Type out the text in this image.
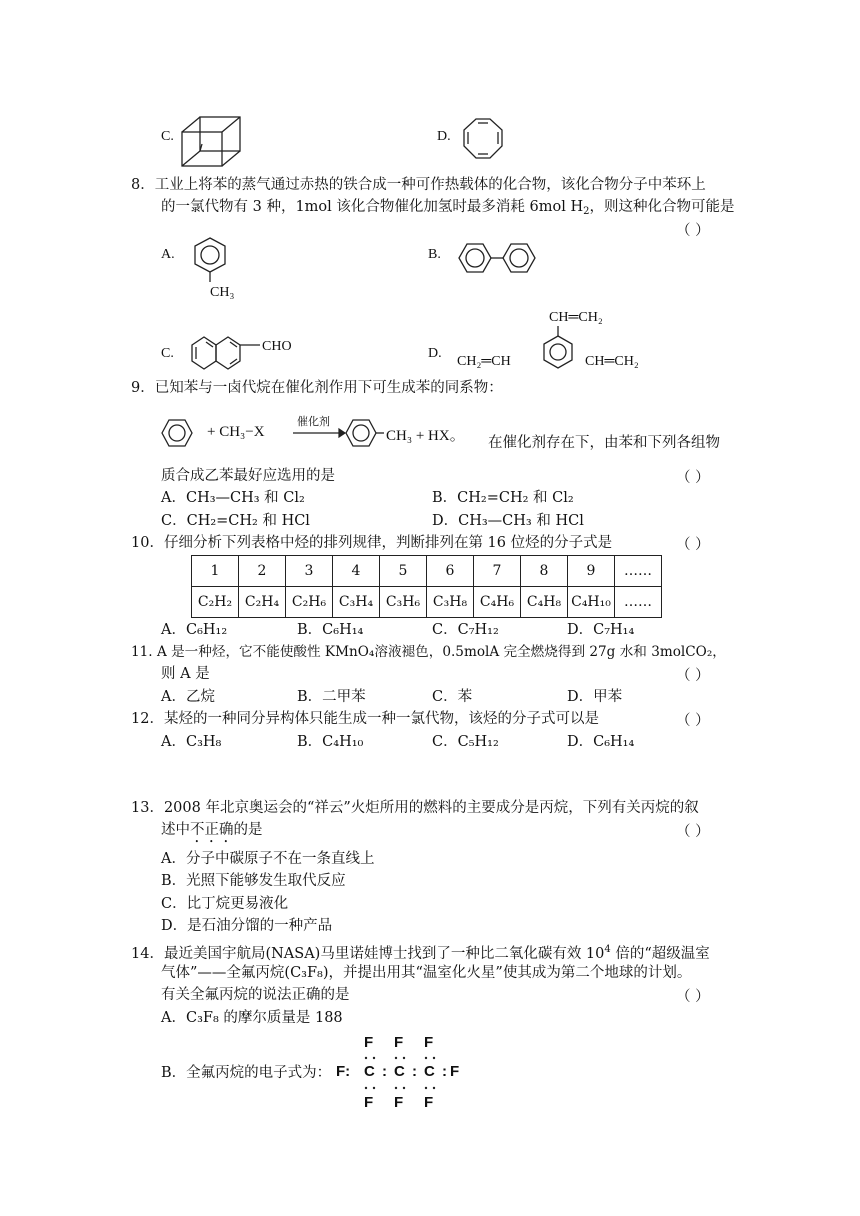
C.	D.
8．工业上将苯的蒸气通过赤热的铁合成一种可作热载体的化合物，该化合物分子中苯环上
的一氯代物有 3 种，1mol 该化合物催化加氢时最多消耗 6mol $H_2$，则这种化合物可能是
（ ）
A.
CH₃
B.
C.	CHO	D.
CH═CH₂
CH₂═CH	CH═CH₂
9．已知苯与一卤代烷在催化剂作用下可生成苯的同系物：
+ CH₃−X
催化剂
CH₃ + HX。 在催化剂存在下，由苯和下列各组物
质合成乙苯最好应选用的是	（ ）
A．CH₃—CH₃ 和 Cl₂	B．CH₂=CH₂ 和 Cl₂
C．CH₂=CH₂ 和 HCl	D．CH₃—CH₃ 和 HCl
10．仔细分析下列表格中烃的排列规律，判断排列在第 16 位烃的分子式是	（ ）
1	2	3	4	5	6	7	8	9	……
C₂H₂	C₂H₄	C₂H₆	C₃H₄	C₃H₆	C₃H₈	C₄H₆	C₄H₈	C₄H₁₀	……
A．C₆H₁₂	B．C₆H₁₄	C．C₇H₁₂	D．C₇H₁₄
11. A 是一种烃，它不能使酸性 KMnO₄溶液褪色，0.5molA 完全燃烧得到 27g 水和 3molCO₂，
则 A 是	（ ）
A．乙烷	B．二甲苯	C．苯	D．甲苯
12．某烃的一种同分异构体只能生成一种一氯代物，该烃的分子式可以是	（ ）
A．C₃H₈	B．C₄H₁₀	C．C₅H₁₂	D．C₆H₁₄
13．2008 年北京奥运会的“祥云”火炬所用的燃料的主要成分是丙烷，下列有关丙烷的叙
述中不正确的是	（ ）
A．分子中碳原子不在一条直线上
B．光照下能够发生取代反应
C．比丁烷更易液化
D．是石油分馏的一种产品
14．最近美国宇航局(NASA)马里诺娃博士找到了一种比二氧化碳有效 $10^4$ 倍的“超级温室
气体”——全氟丙烷(C₃F₈)，并提出用其“温室化火星”使其成为第二个地球的计划。
有关全氟丙烷的说法正确的是	（ ）
A．C₃F₈ 的摩尔质量是 188
B．全氟丙烷的电子式为：
F F F
F: C : C : C : F
F F F
